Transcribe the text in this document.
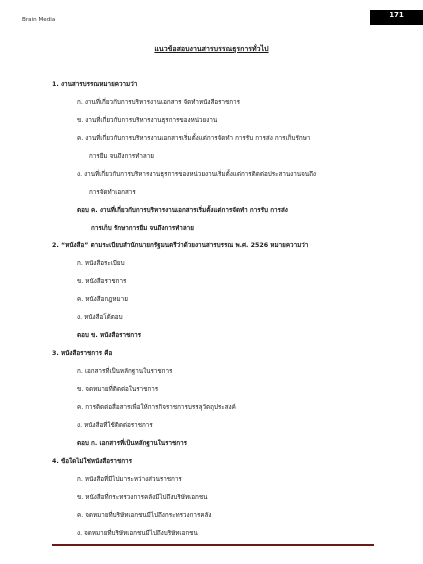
Brain Media
171
แนวข้อสอบงานสารบรรณธุรการทั่วไป
1. งานสารบรรณหมายความว่า
ก. งานที่เกี่ยวกับการบริหารงานเอกสาร จัดทำหนังสือราชการ
ข. งานที่เกี่ยวกับการบริหารงานธุรการของหน่วยงาน
ค. งานที่เกี่ยวกับการบริหารงานเอกสารเริ่มตั้งแต่การจัดทำ การรับ การส่ง การเก็บรักษา
การยืม จนถึงการทำลาย
ง. งานที่เกี่ยวกับการบริหารงานธุรการของหน่วยงานเริ่มตั้งแต่การติดต่อประสานงานจนถึง
การจัดทำเอกสาร
ตอบ ค. งานที่เกี่ยวกับการบริหารงานเอกสารเริ่มตั้งแต่การจัดทำ การรับ การส่ง
การเก็บ รักษาการยืม จนถึงการทำลาย
2. “หนังสือ” ตามระเบียบสำนักนายกรัฐมนตรีว่าด้วยงานสารบรรณ พ.ศ. 2526 หมายความว่า
ก. หนังสือระเบียบ
ข. หนังสือราชการ
ค. หนังสือกฎหมาย
ง. หนังสือโต้ตอบ
ตอบ ข. หนังสือราชการ
3. หนังสือราชการ คือ
ก. เอกสารที่เป็นหลักฐานในราชการ
ข. จดหมายที่ติดต่อในราชการ
ค. การติดต่อสื่อสารเพื่อให้การกิจราชการบรรลุวัตถุประสงค์
ง. หนังสือที่ใช้ติดต่อราชการ
ตอบ ก. เอกสารที่เป็นหลักฐานในราชการ
4. ข้อใดไม่ใช่หนังสือราชการ
ก. หนังสือที่มีไปมาระหว่างส่วนราชการ
ข. หนังสือที่กระทรวงการคลังมีไปถึงบริษัทเอกชน
ค. จดหมายที่บริษัทเอกชนมีไปถึงกระทรวงการคลัง
ง. จดหมายที่บริษัทเอกชนมีไปถึงบริษัทเอกชน
